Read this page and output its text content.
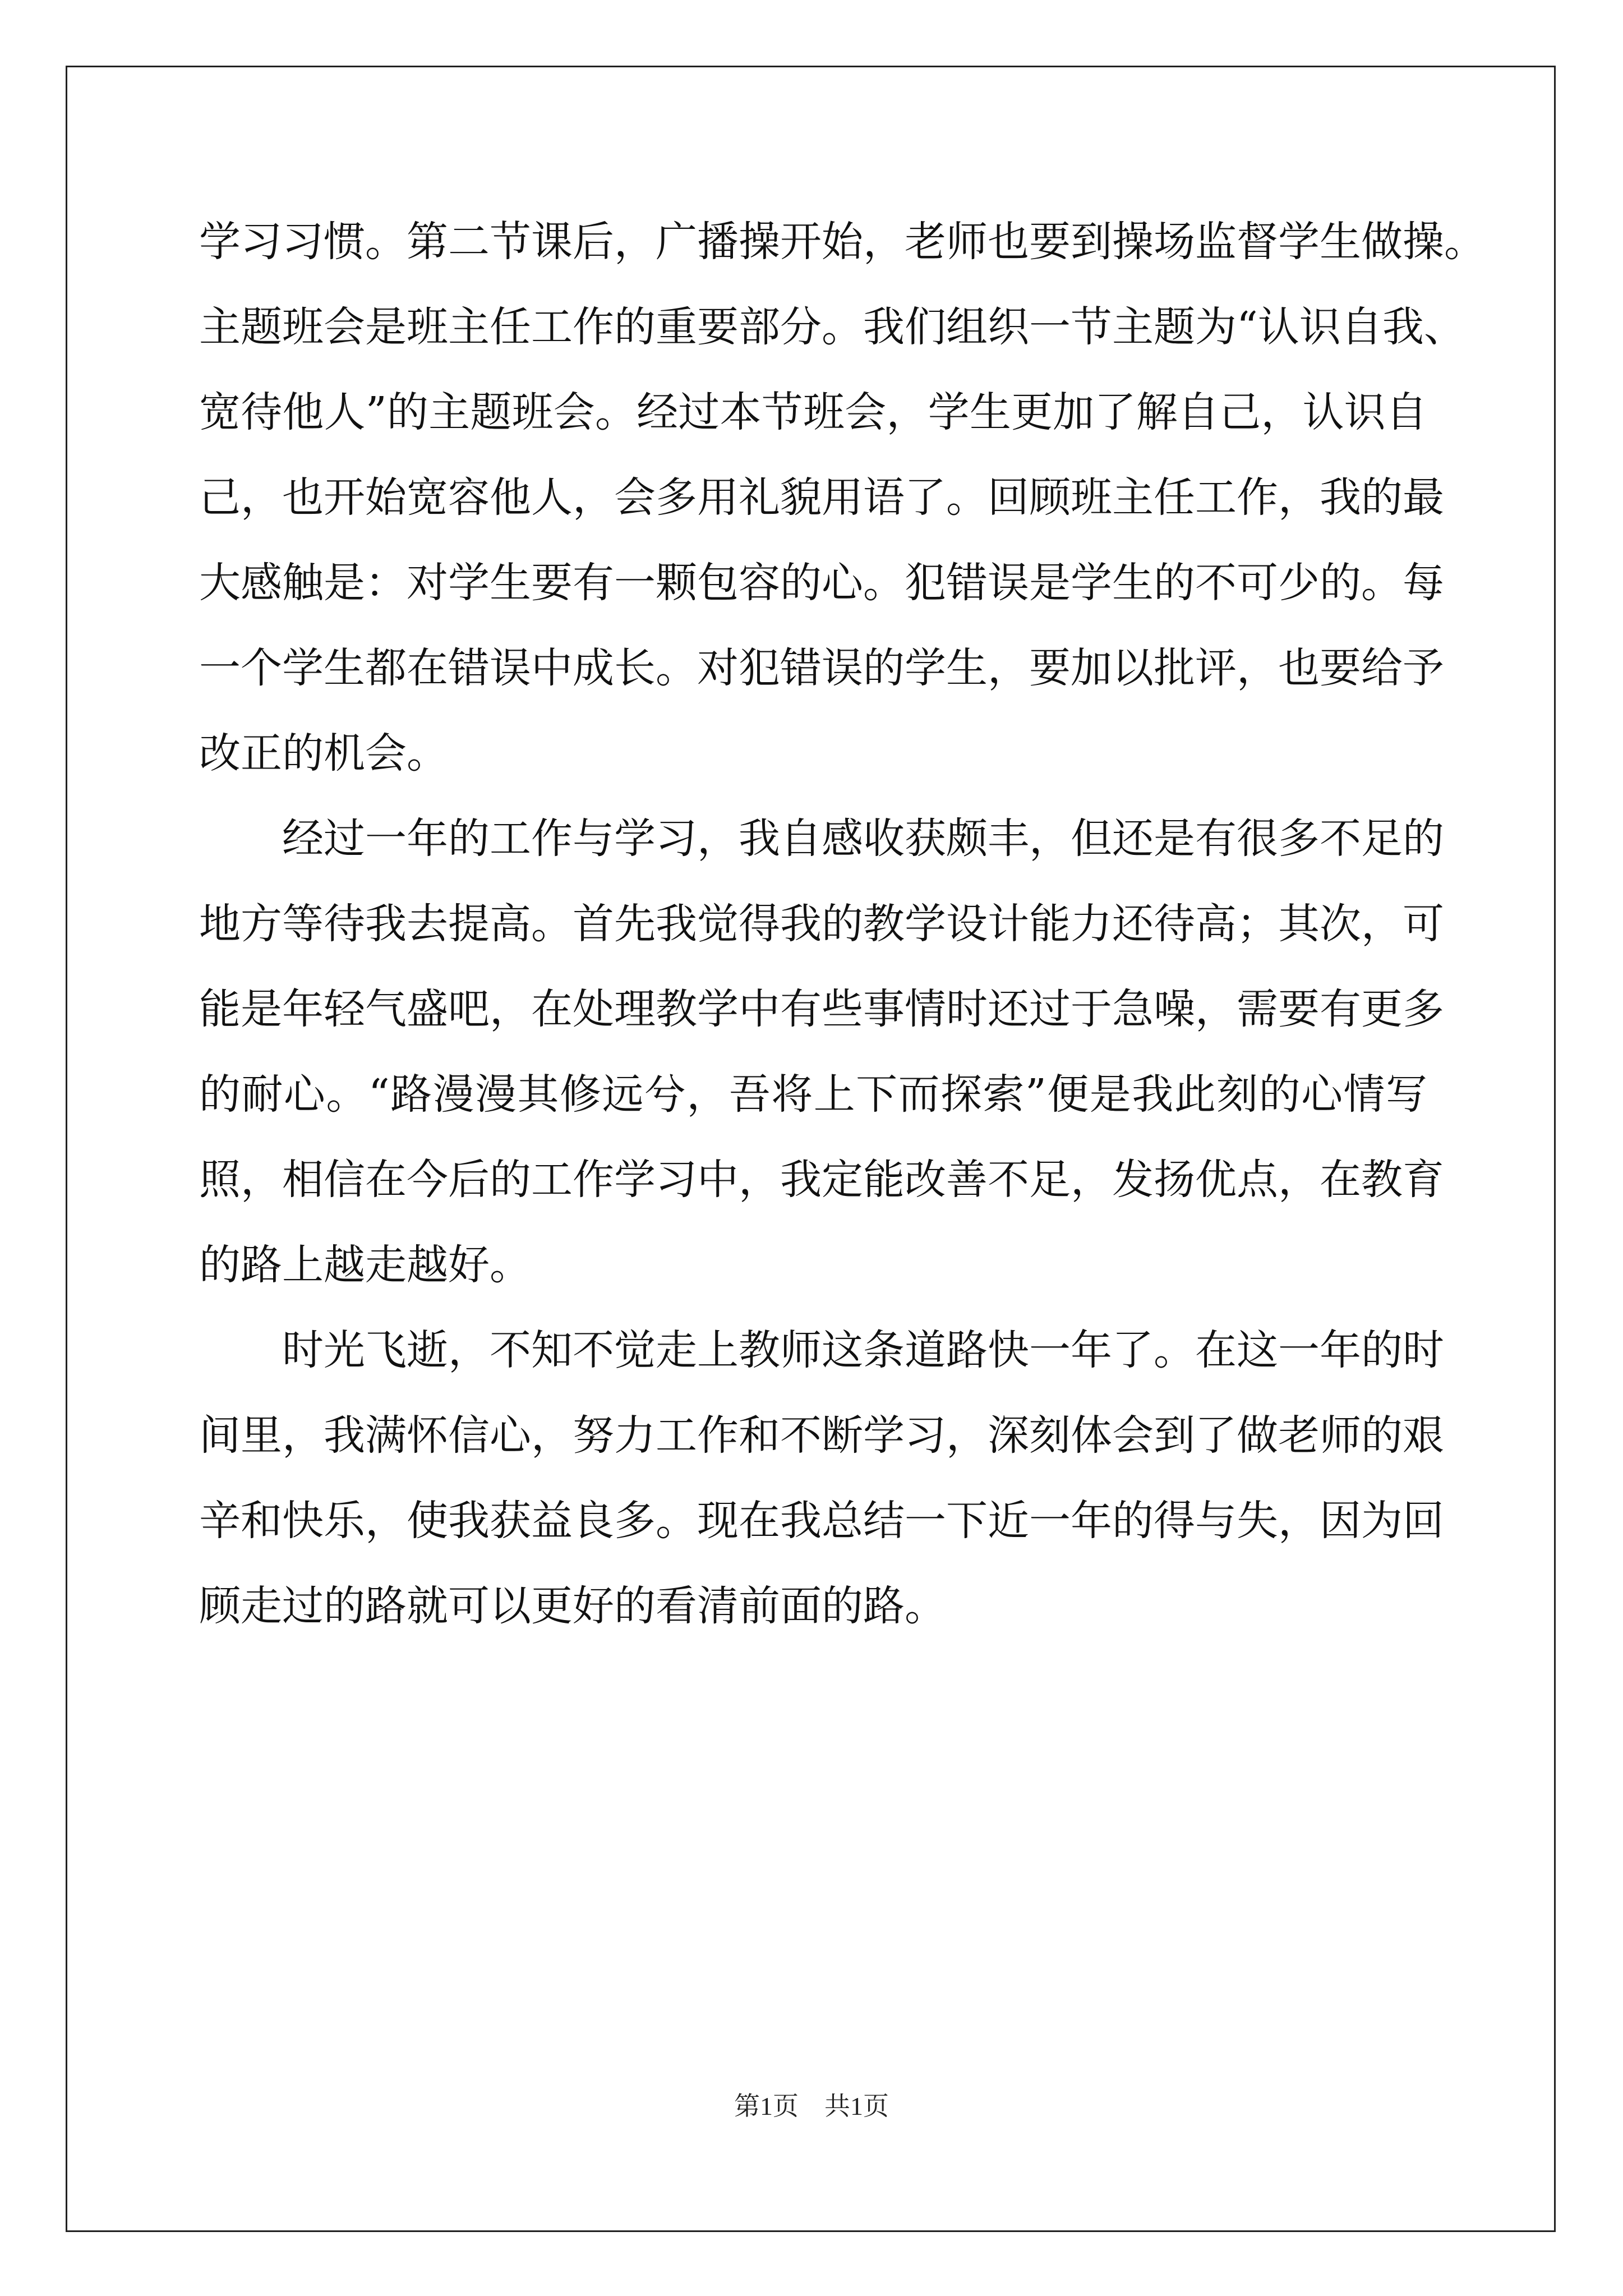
学习习惯。第二节课后，广播操开始，老师也要到操场监督学生做操。
主题班会是班主任工作的重要部分。我们组织一节主题为“认识自我、
宽待他人”的主题班会。经过本节班会，学生更加了解自己，认识自
己，也开始宽容他人，会多用礼貌用语了。回顾班主任工作，我的最
大感触是：对学生要有一颗包容的心。犯错误是学生的不可少的。每
一个学生都在错误中成长。对犯错误的学生，要加以批评，也要给予
改正的机会。
经过一年的工作与学习，我自感收获颇丰，但还是有很多不足的
地方等待我去提高。首先我觉得我的教学设计能力还待高；其次，可
能是年轻气盛吧，在处理教学中有些事情时还过于急噪，需要有更多
的耐心。“路漫漫其修远兮，吾将上下而探索”便是我此刻的心情写
照，相信在今后的工作学习中，我定能改善不足，发扬优点，在教育
的路上越走越好。
时光飞逝，不知不觉走上教师这条道路快一年了。在这一年的时
间里，我满怀信心，努力工作和不断学习，深刻体会到了做老师的艰
辛和快乐，使我获益良多。现在我总结一下近一年的得与失，因为回
顾走过的路就可以更好的看清前面的路。
第1页　共1页
